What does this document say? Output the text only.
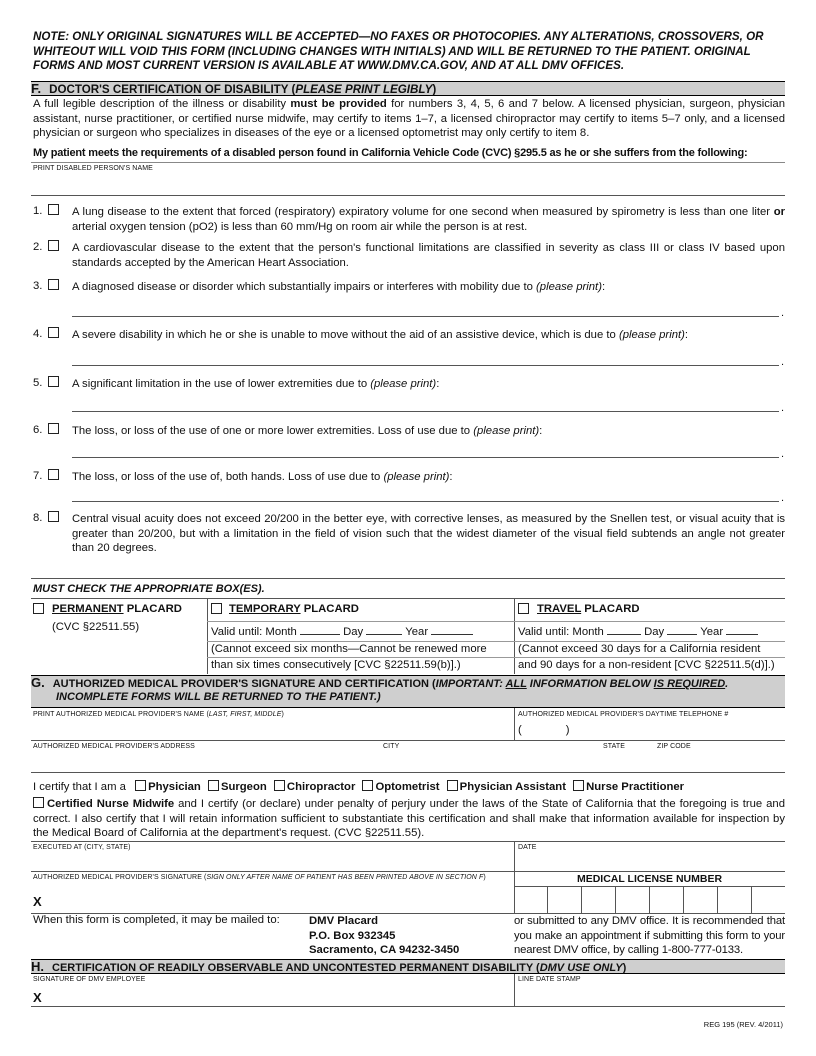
NOTE: ONLY ORIGINAL SIGNATURES WILL BE ACCEPTED—NO FAXES OR PHOTOCOPIES. ANY ALTERATIONS, CROSSOVERS, OR WHITEOUT WILL VOID THIS FORM (INCLUDING CHANGES WITH INITIALS) AND WILL BE RETURNED TO THE PATIENT. ORIGINAL FORMS AND MOST CURRENT VERSION IS AVAILABLE AT WWW.DMV.CA.GOV, AND AT ALL DMV OFFICES.
F. DOCTOR'S CERTIFICATION OF DISABILITY (PLEASE PRINT LEGIBLY)
A full legible description of the illness or disability must be provided for numbers 3, 4, 5, 6 and 7 below. A licensed physician, surgeon, physician assistant, nurse practitioner, or certified nurse midwife, may certify to items 1–7, a licensed chiropractor may certify to items 5–7 only, and a licensed physician or surgeon who specializes in diseases of the eye or a licensed optometrist may only certify to item 8.
My patient meets the requirements of a disabled person found in California Vehicle Code (CVC) §295.5 as he or she suffers from the following:
PRINT DISABLED PERSON'S NAME
1.	A lung disease to the extent that forced (respiratory) expiratory volume for one second when measured by spirometry is less than one liter or arterial oxygen tension (pO2) is less than 60 mm/Hg on room air while the person is at rest.
2.	A cardiovascular disease to the extent that the person's functional limitations are classified in severity as class III or class IV based upon standards accepted by the American Heart Association.
3.	A diagnosed disease or disorder which substantially impairs or interferes with mobility due to (please print):
.
4.	A severe disability in which he or she is unable to move without the aid of an assistive device, which is due to (please print):
.
5.	A significant limitation in the use of lower extremities due to (please print):
.
6.	The loss, or loss of the use of one or more lower extremities. Loss of use due to (please print):
.
7.	The loss, or loss of the use of, both hands. Loss of use due to (please print):
.
8.	Central visual acuity does not exceed 20/200 in the better eye, with corrective lenses, as measured by the Snellen test, or visual acuity that is greater than 20/200, but with a limitation in the field of vision such that the widest diameter of the visual field subtends an angle not greater than 20 degrees.
MUST CHECK THE APPROPRIATE BOX(ES).
PERMANENT PLACARD
(CVC §22511.55)
TEMPORARY PLACARD
Valid until: Month	Day	Year
(Cannot exceed six months—Cannot be renewed more
than six times consecutively [CVC §22511.59(b)].)
TRAVEL PLACARD
Valid until: Month	Day	Year
(Cannot exceed 30 days for a California resident
and 90 days for a non-resident [CVC §22511.5(d)].)
G. AUTHORIZED MEDICAL PROVIDER'S SIGNATURE AND CERTIFICATION (IMPORTANT: ALL INFORMATION BELOW IS REQUIRED.
INCOMPLETE FORMS WILL BE RETURNED TO THE PATIENT.)
PRINT AUTHORIZED MEDICAL PROVIDER'S NAME (LAST, FIRST, MIDDLE)	AUTHORIZED MEDICAL PROVIDER'S DAYTIME TELEPHONE #
(	)
AUTHORIZED MEDICAL PROVIDER'S ADDRESS	CITY	STATE	ZIP CODE
I certify that I am a Physician Surgeon Chiropractor Optometrist Physician Assistant Nurse Practitioner
Certified Nurse Midwife and I certify (or declare) under penalty of perjury under the laws of the State of California that the foregoing is true and correct. I also certify that I will retain information sufficient to substantiate this certification and shall make that information available for inspection by the Medical Board of California at the department's request. (CVC §22511.55).
EXECUTED AT (CITY, STATE)	DATE
AUTHORIZED MEDICAL PROVIDER'S SIGNATURE (SIGN ONLY AFTER NAME OF PATIENT HAS BEEN PRINTED ABOVE IN SECTION F)
X
MEDICAL LICENSE NUMBER
When this form is completed, it may be mailed to:	DMV Placard
P.O. Box 932345
Sacramento, CA 94232-3450
or submitted to any DMV office. It is recommended that you make an appointment if submitting this form to your nearest DMV office, by calling 1-800-777-0133.
H. CERTIFICATION OF READILY OBSERVABLE AND UNCONTESTED PERMANENT DISABILITY (DMV USE ONLY)
SIGNATURE OF DMV EMPLOYEE
X
LINE DATE STAMP
REG 195 (REV. 4/2011)
